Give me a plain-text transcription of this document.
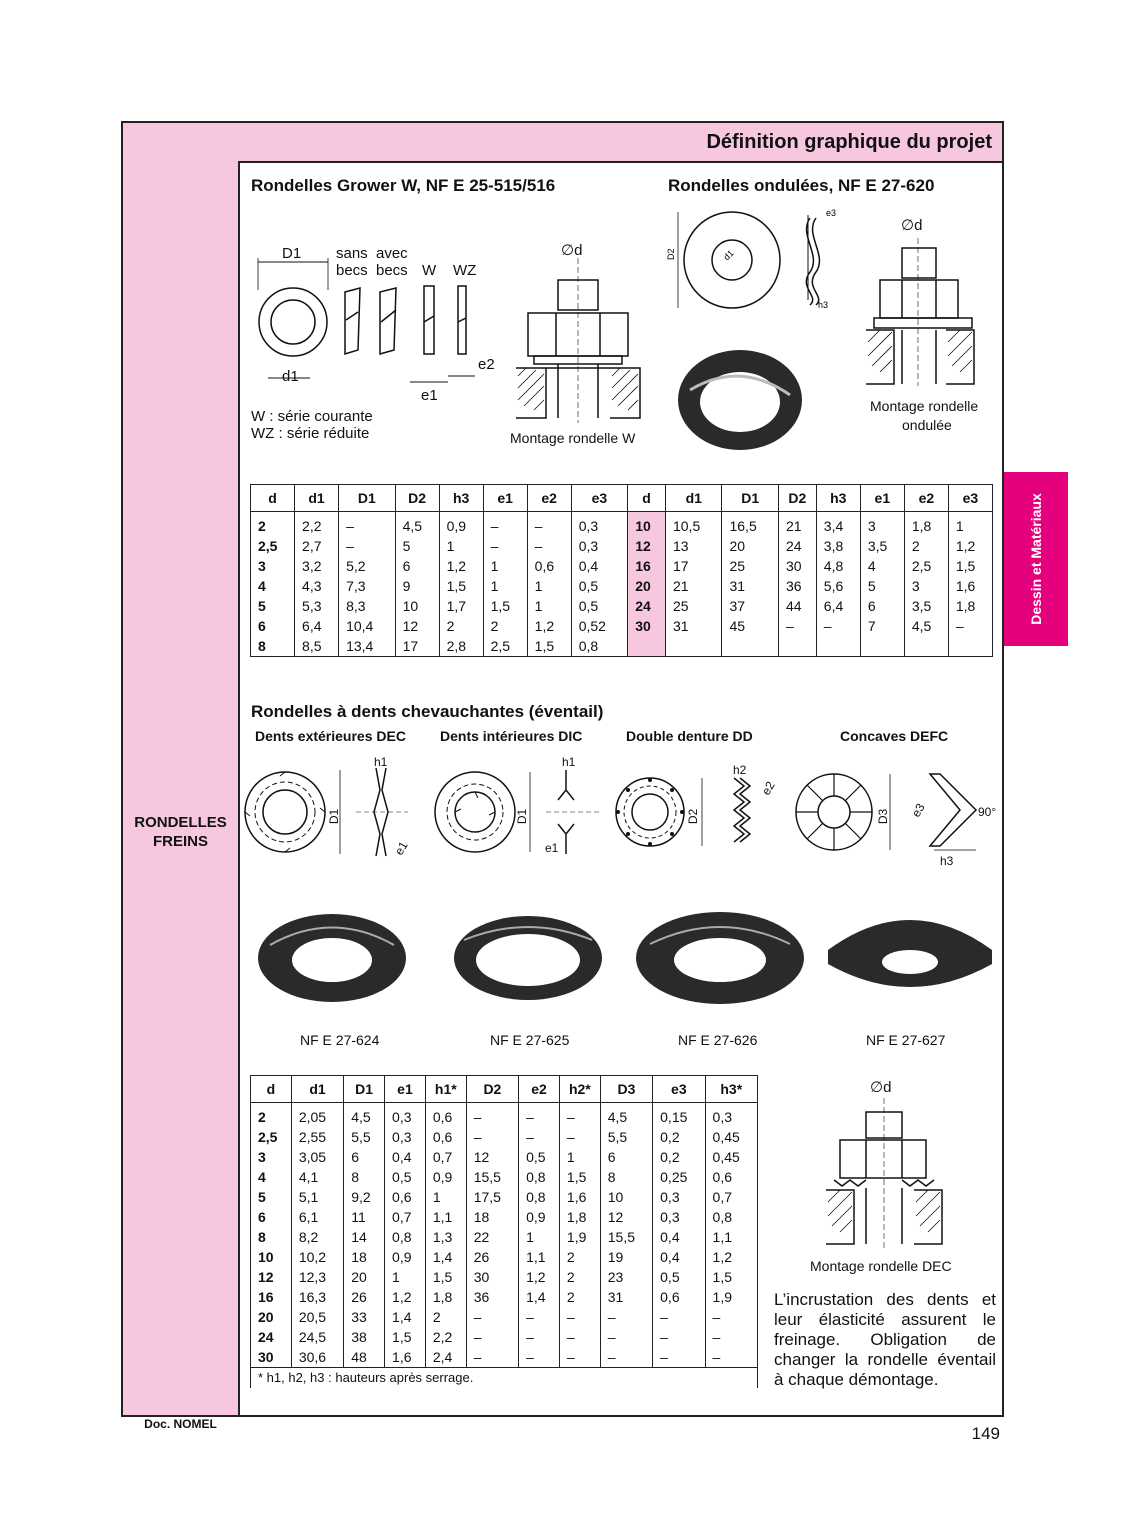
Définition graphique du projet
RONDELLES
FREINS
Doc. NOMEL
Dessin et Matériaux
Rondelles Grower W, NF E 25-515/516	Rondelles ondulées, NF E 27-620
D1 sans avec
becs becs W WZ
d1
e1
e2
∅d
W : série courante
WZ : série réduite	Montage rondelle W
∅d
Montage rondelle
ondulée
D2	d1
h3
e3
d	d1	D1	D2	h3	e1	e2	e3	d	d1	D1	D2	h3	e1	e2	e3
2	2,2	–	4,5	0,9	–	–	0,3	10	10,5	16,5	21	3,4	3	1,8	1
2,5	2,7	–	5	1	–	–	0,3	12	13	20	24	3,8	3,5	2	1,2
3	3,2	5,2	6	1,2	1	0,6	0,4	16	17	25	30	4,8	4	2,5	1,5
4	4,3	7,3	9	1,5	1	1	0,5	20	21	31	36	5,6	5	3	1,6
5	5,3	8,3	10	1,7	1,5	1	0,5	24	25	37	44	6,4	6	3,5	1,8
6	6,4	10,4	12	2	2	1,2	0,52	30	31	45	–	–	7	4,5	–
8	8,5	13,4	17	2,8	2,5	1,5	0,8								
Rondelles à dents chevauchantes (éventail)
Dents extérieures DEC Dents intérieures DIC	Double denture DD	Concaves DEFC
h1	h1
h2
h3
D1	D1	D2	D3
e1	e1
e2
e3	90°
NF E 27-624	NF E 27-625	NF E 27-626	NF E 27-627
d	d1	D1	e1	h1*	D2	e2	h2*	D3	e3	h3*
2	2,05	4,5	0,3	0,6	–	–	–	4,5	0,15	0,3
2,5	2,55	5,5	0,3	0,6	–	–	–	5,5	0,2	0,45
3	3,05	6	0,4	0,7	12	0,5	1	6	0,2	0,45
4	4,1	8	0,5	0,9	15,5	0,8	1,5	8	0,25	0,6
5	5,1	9,2	0,6	1	17,5	0,8	1,6	10	0,3	0,7
6	6,1	11	0,7	1,1	18	0,9	1,8	12	0,3	0,8
8	8,2	14	0,8	1,3	22	1	1,9	15,5	0,4	1,1
10	10,2	18	0,9	1,4	26	1,1	2	19	0,4	1,2
12	12,3	20	1	1,5	30	1,2	2	23	0,5	1,5
16	16,3	26	1,2	1,8	36	1,4	2	31	0,6	1,9
20	20,5	33	1,4	2	–	–	–	–	–	–
24	24,5	38	1,5	2,2	–	–	–	–	–	–
30	30,6	48	1,6	2,4	–	–	–	–	–	–
* h1, h2, h3 : hauteurs après serrage.										
∅d
Montage rondelle DEC
L’incrustation des dents et leur élasticité assurent le freinage. Obligation de changer la rondelle éventail à chaque démontage.
149
